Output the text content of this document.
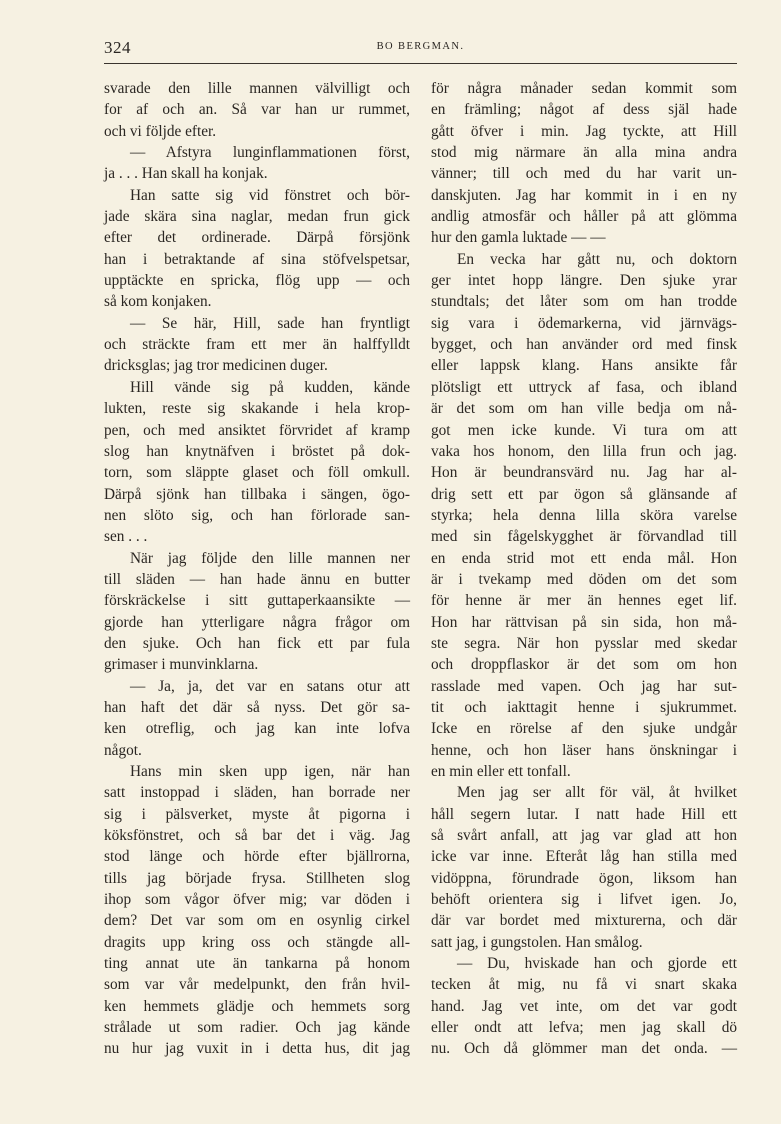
324	BO BERGMAN.
svarade den lille mannen välvilligt och
for af och an. Så var han ur rummet,
och vi följde efter.
— Afstyra lunginflammationen först,
ja . . . Han skall ha konjak.
Han satte sig vid fönstret och bör-
jade skära sina naglar, medan frun gick
efter det ordinerade. Därpå försjönk
han i betraktande af sina stöfvelspetsar,
upptäckte en spricka, flög upp — och
så kom konjaken.
— Se här, Hill, sade han fryntligt
och sträckte fram ett mer än halffylldt
dricksglas; jag tror medicinen duger.
Hill vände sig på kudden, kände
lukten, reste sig skakande i hela krop-
pen, och med ansiktet förvridet af kramp
slog han knytnäfven i bröstet på dok-
torn, som släppte glaset och föll omkull.
Därpå sjönk han tillbaka i sängen, ögo-
nen slöto sig, och han förlorade san-
sen . . .
När jag följde den lille mannen ner
till släden — han hade ännu en butter
förskräckelse i sitt guttaperkaansikte —
gjorde han ytterligare några frågor om
den sjuke. Och han fick ett par fula
grimaser i munvinklarna.
— Ja, ja, det var en satans otur att
han haft det där så nyss. Det gör sa-
ken otreflig, och jag kan inte lofva
något.
Hans min sken upp igen, när han
satt instoppad i släden, han borrade ner
sig i pälsverket, myste åt pigorna i
köksfönstret, och så bar det i väg. Jag
stod länge och hörde efter bjällrorna,
tills jag började frysa. Stillheten slog
ihop som vågor öfver mig; var döden i
dem? Det var som om en osynlig cirkel
dragits upp kring oss och stängde all-
ting annat ute än tankarna på honom
som var vår medelpunkt, den från hvil-
ken hemmets glädje och hemmets sorg
strålade ut som radier. Och jag kände
nu hur jag vuxit in i detta hus, dit jag
för några månader sedan kommit som
en främling; något af dess själ hade
gått öfver i min. Jag tyckte, att Hill
stod mig närmare än alla mina andra
vänner; till och med du har varit un-
danskjuten. Jag har kommit in i en ny
andlig atmosfär och håller på att glömma
hur den gamla luktade — —
En vecka har gått nu, och doktorn
ger intet hopp längre. Den sjuke yrar
stundtals; det låter som om han trodde
sig vara i ödemarkerna, vid järnvägs-
bygget, och han använder ord med finsk
eller lappsk klang. Hans ansikte får
plötsligt ett uttryck af fasa, och ibland
är det som om han ville bedja om nå-
got men icke kunde. Vi tura om att
vaka hos honom, den lilla frun och jag.
Hon är beundransvärd nu. Jag har al-
drig sett ett par ögon så glänsande af
styrka; hela denna lilla sköra varelse
med sin fågelskygghet är förvandlad till
en enda strid mot ett enda mål. Hon
är i tvekamp med döden om det som
för henne är mer än hennes eget lif.
Hon har rättvisan på sin sida, hon må-
ste segra. När hon pysslar med skedar
och droppflaskor är det som om hon
rasslade med vapen. Och jag har sut-
tit och iakttagit henne i sjukrummet.
Icke en rörelse af den sjuke undgår
henne, och hon läser hans önskningar i
en min eller ett tonfall.
Men jag ser allt för väl, åt hvilket
håll segern lutar. I natt hade Hill ett
så svårt anfall, att jag var glad att hon
icke var inne. Efteråt låg han stilla med
vidöppna, förundrade ögon, liksom han
behöft orientera sig i lifvet igen. Jo,
där var bordet med mixturerna, och där
satt jag, i gungstolen. Han smålog.
— Du, hviskade han och gjorde ett
tecken åt mig, nu få vi snart skaka
hand. Jag vet inte, om det var godt
eller ondt att lefva; men jag skall dö
nu. Och då glömmer man det onda. —
